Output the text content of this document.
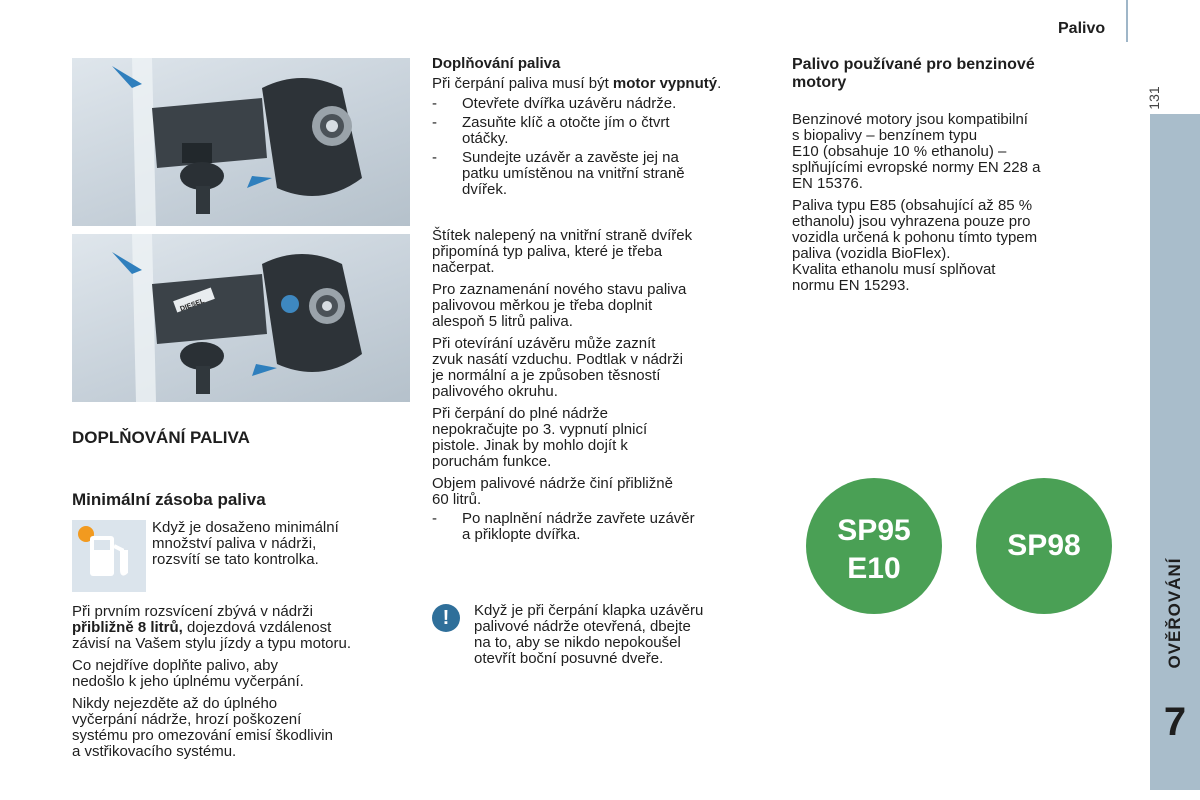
Palivo
131
OVĚŘOVÁNÍ
7
DIESEL
DOPLŇOVÁNÍ PALIVA
Minimální zásoba paliva
Když je dosaženo minimální
množství paliva v nádrži,
rozsvítí se tato kontrolka.

Při prvním rozsvícení zbývá v nádrži
přibližně 8 litrů, dojezdová vzdálenost
závisí na Vašem stylu jízdy a typu motoru.

Co nejdříve doplňte palivo, aby
nedošlo k jeho úplnému vyčerpání.

Nikdy nejezděte až do úplného
vyčerpání nádrže, hrozí poškození
systému pro omezování emisí škodlivin
a vstřikovacího systému.

Doplňování paliva

Při čerpání paliva musí být motor vypnutý.

-	Otevřete dvířka uzávěru nádrže.
-	Zasuňte klíč a otočte jím o čtvrt
otáčky.
-	Sundejte uzávěr a zavěste jej na
patku umístěnou na vnitřní straně
dvířek.

Štítek nalepený na vnitřní straně dvířek
připomíná typ paliva, které je třeba
načerpat.

Pro zaznamenání nového stavu paliva
palivovou měrkou je třeba doplnit
alespoň 5 litrů paliva.

Při otevírání uzávěru může zaznít
zvuk nasátí vzduchu. Podtlak v nádrži
je normální a je způsoben těsností
palivového okruhu.

Při čerpání do plné nádrže
nepokračujte po 3. vypnutí plnicí
pistole. Jinak by mohlo dojít k
poruchám funkce.

Objem palivové nádrže činí přibližně
60 litrů.

-	Po naplnění nádrže zavřete uzávěr
a přiklopte dvířka.
!	Když je při čerpání klapka uzávěru
palivové nádrže otevřená, dbejte
na to, aby se nikdo nepokoušel
otevřít boční posuvné dveře.

Palivo používané pro benzinové
motory

Benzinové motory jsou kompatibilní
s biopalivy – benzínem typu
E10 (obsahuje 10 % ethanolu) –
splňujícími evropské normy EN 228 a
EN 15376.

Paliva typu E85 (obsahující až 85 %
ethanolu) jsou vyhrazena pouze pro
vozidla určená k pohonu tímto typem
paliva (vozidla BioFlex).
Kvalita ethanolu musí splňovat
normu EN 15293.

SP95
E10
SP98
